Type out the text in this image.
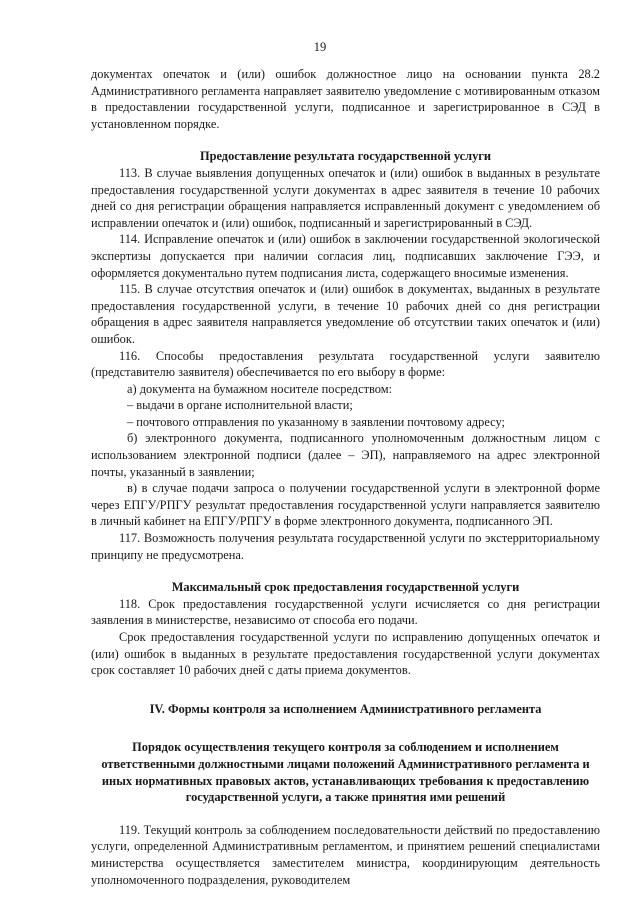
19

документах опечаток и (или) ошибок должностное лицо на основании пункта 28.2 Административного регламента направляет заявителю уведомление с мотивированным отказом в предоставлении государственной услуги, подписанное и зарегистрированное в СЭД в установленном порядке.

Предоставление результата государственной услуги

113. В случае выявления допущенных опечаток и (или) ошибок в выданных в результате предоставления государственной услуги документах в адрес заявителя в течение 10 рабочих дней со дня регистрации обращения направляется исправленный документ с уведомлением об исправлении опечаток и (или) ошибок, подписанный и зарегистрированный в СЭД.

114. Исправление опечаток и (или) ошибок в заключении государственной экологической экспертизы допускается при наличии согласия лиц, подписавших заключение ГЭЭ, и оформляется документально путем подписания листа, содержащего вносимые изменения.

115. В случае отсутствия опечаток и (или) ошибок в документах, выданных в результате предоставления государственной услуги, в течение 10 рабочих дней со дня регистрации обращения в адрес заявителя направляется уведомление об отсутствии таких опечаток и (или) ошибок.

116. Способы предоставления результата государственной услуги заявителю (представителю заявителя) обеспечивается по его выбору в форме:

а) документа на бумажном носителе посредством:

– выдачи в органе исполнительной власти;

– почтового отправления по указанному в заявлении почтовому адресу;

б) электронного документа, подписанного уполномоченным должностным лицом с использованием электронной подписи (далее – ЭП), направляемого на адрес электронной почты, указанный в заявлении;

в) в случае подачи запроса о получении государственной услуги в электронной форме через ЕПГУ/РПГУ результат предоставления государственной услуги направляется заявителю в личный кабинет на ЕПГУ/РПГУ в форме электронного документа, подписанного ЭП.

117. Возможность получения результата государственной услуги по экстерриториальному принципу не предусмотрена.

Максимальный срок предоставления государственной услуги

118. Срок предоставления государственной услуги исчисляется со дня регистрации заявления в министерстве, независимо от способа его подачи.

Срок предоставления государственной услуги по исправлению допущенных опечаток и (или) ошибок в выданных в результате предоставления государственной услуги документах срок составляет 10 рабочих дней с даты приема документов.

IV. Формы контроля за исполнением Административного регламента

Порядок осуществления текущего контроля за соблюдением и исполнением ответственными должностными лицами положений Административного регламента и иных нормативных правовых актов, устанавливающих требования к предоставлению государственной услуги, а также принятия ими решений

119. Текущий контроль за соблюдением последовательности действий по предоставлению услуги, определенной Административным регламентом, и принятием решений специалистами министерства осуществляется заместителем министра, координирующим деятельность уполномоченного подразделения, руководителем
